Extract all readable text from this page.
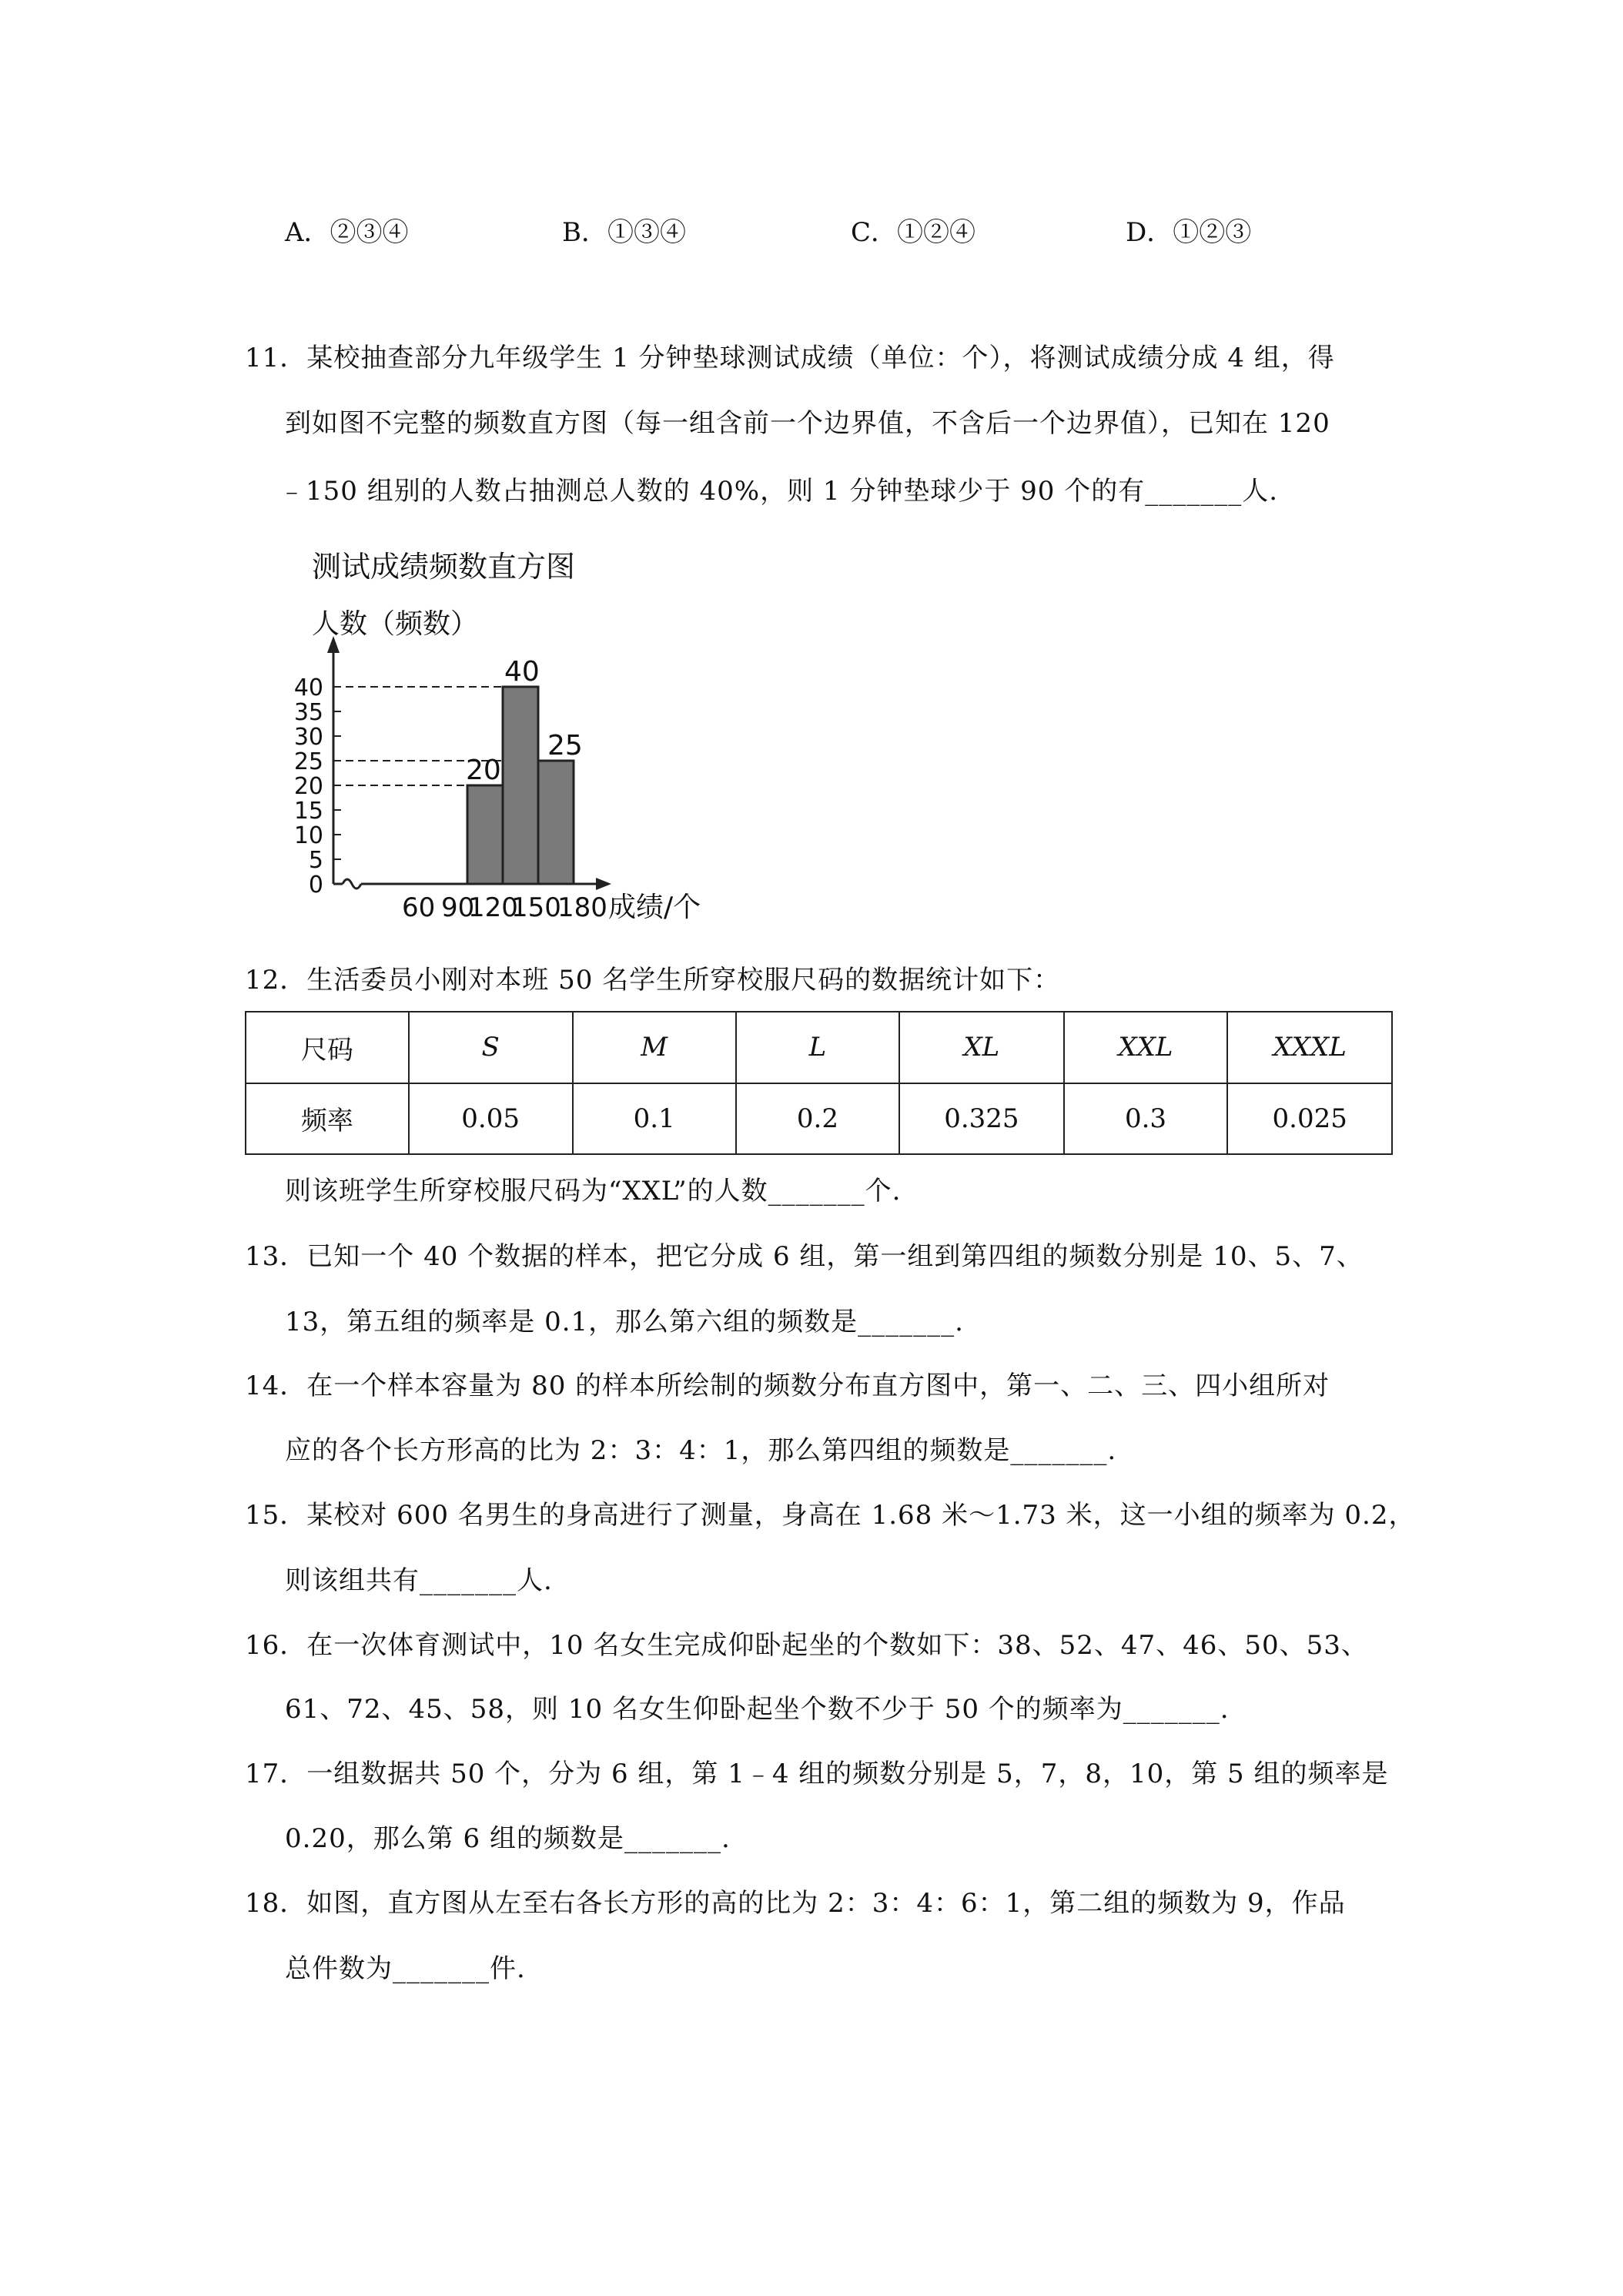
A．②③④	B．①③④	C．①②④	D．①②③
11．某校抽查部分九年级学生 1 分钟垫球测试成绩（单位：个），将测试成绩分成 4 组，得
到如图不完整的频数直方图（每一组含前一个边界值，不含后一个边界值），已知在 120
﹣150 组别的人数占抽测总人数的 40%，则 1 分钟垫球少于 90 个的有_______人.
测试成绩频数直方图
人数（频数）
成绩/个
0
5
10
15
20
25
30
35
40
20
40
25
60 90
120
150
180
12．生活委员小刚对本班 50 名学生所穿校服尺码的数据统计如下：
尺码	S	M	L	XL	XXL	XXXL
频率	0.05	0.1	0.2	0.325	0.3	0.025
则该班学生所穿校服尺码为“XXL”的人数_______个.
13．已知一个 40 个数据的样本，把它分成 6 组，第一组到第四组的频数分别是 10、5、7、
13，第五组的频率是 0.1，那么第六组的频数是_______.
14．在一个样本容量为 80 的样本所绘制的频数分布直方图中，第一、二、三、四小组所对
应的各个长方形高的比为 2：3：4：1，那么第四组的频数是_______.
15．某校对 600 名男生的身高进行了测量，身高在 1.68 米～1.73 米，这一小组的频率为 0.2，
则该组共有_______人.
16．在一次体育测试中，10 名女生完成仰卧起坐的个数如下：38、52、47、46、50、53、
61、72、45、58，则 10 名女生仰卧起坐个数不少于 50 个的频率为_______.
17．一组数据共 50 个，分为 6 组，第 1﹣4 组的频数分别是 5，7，8，10，第 5 组的频率是
0.20，那么第 6 组的频数是_______.
18．如图，直方图从左至右各长方形的高的比为 2：3：4：6：1，第二组的频数为 9，作品
总件数为_______件.
